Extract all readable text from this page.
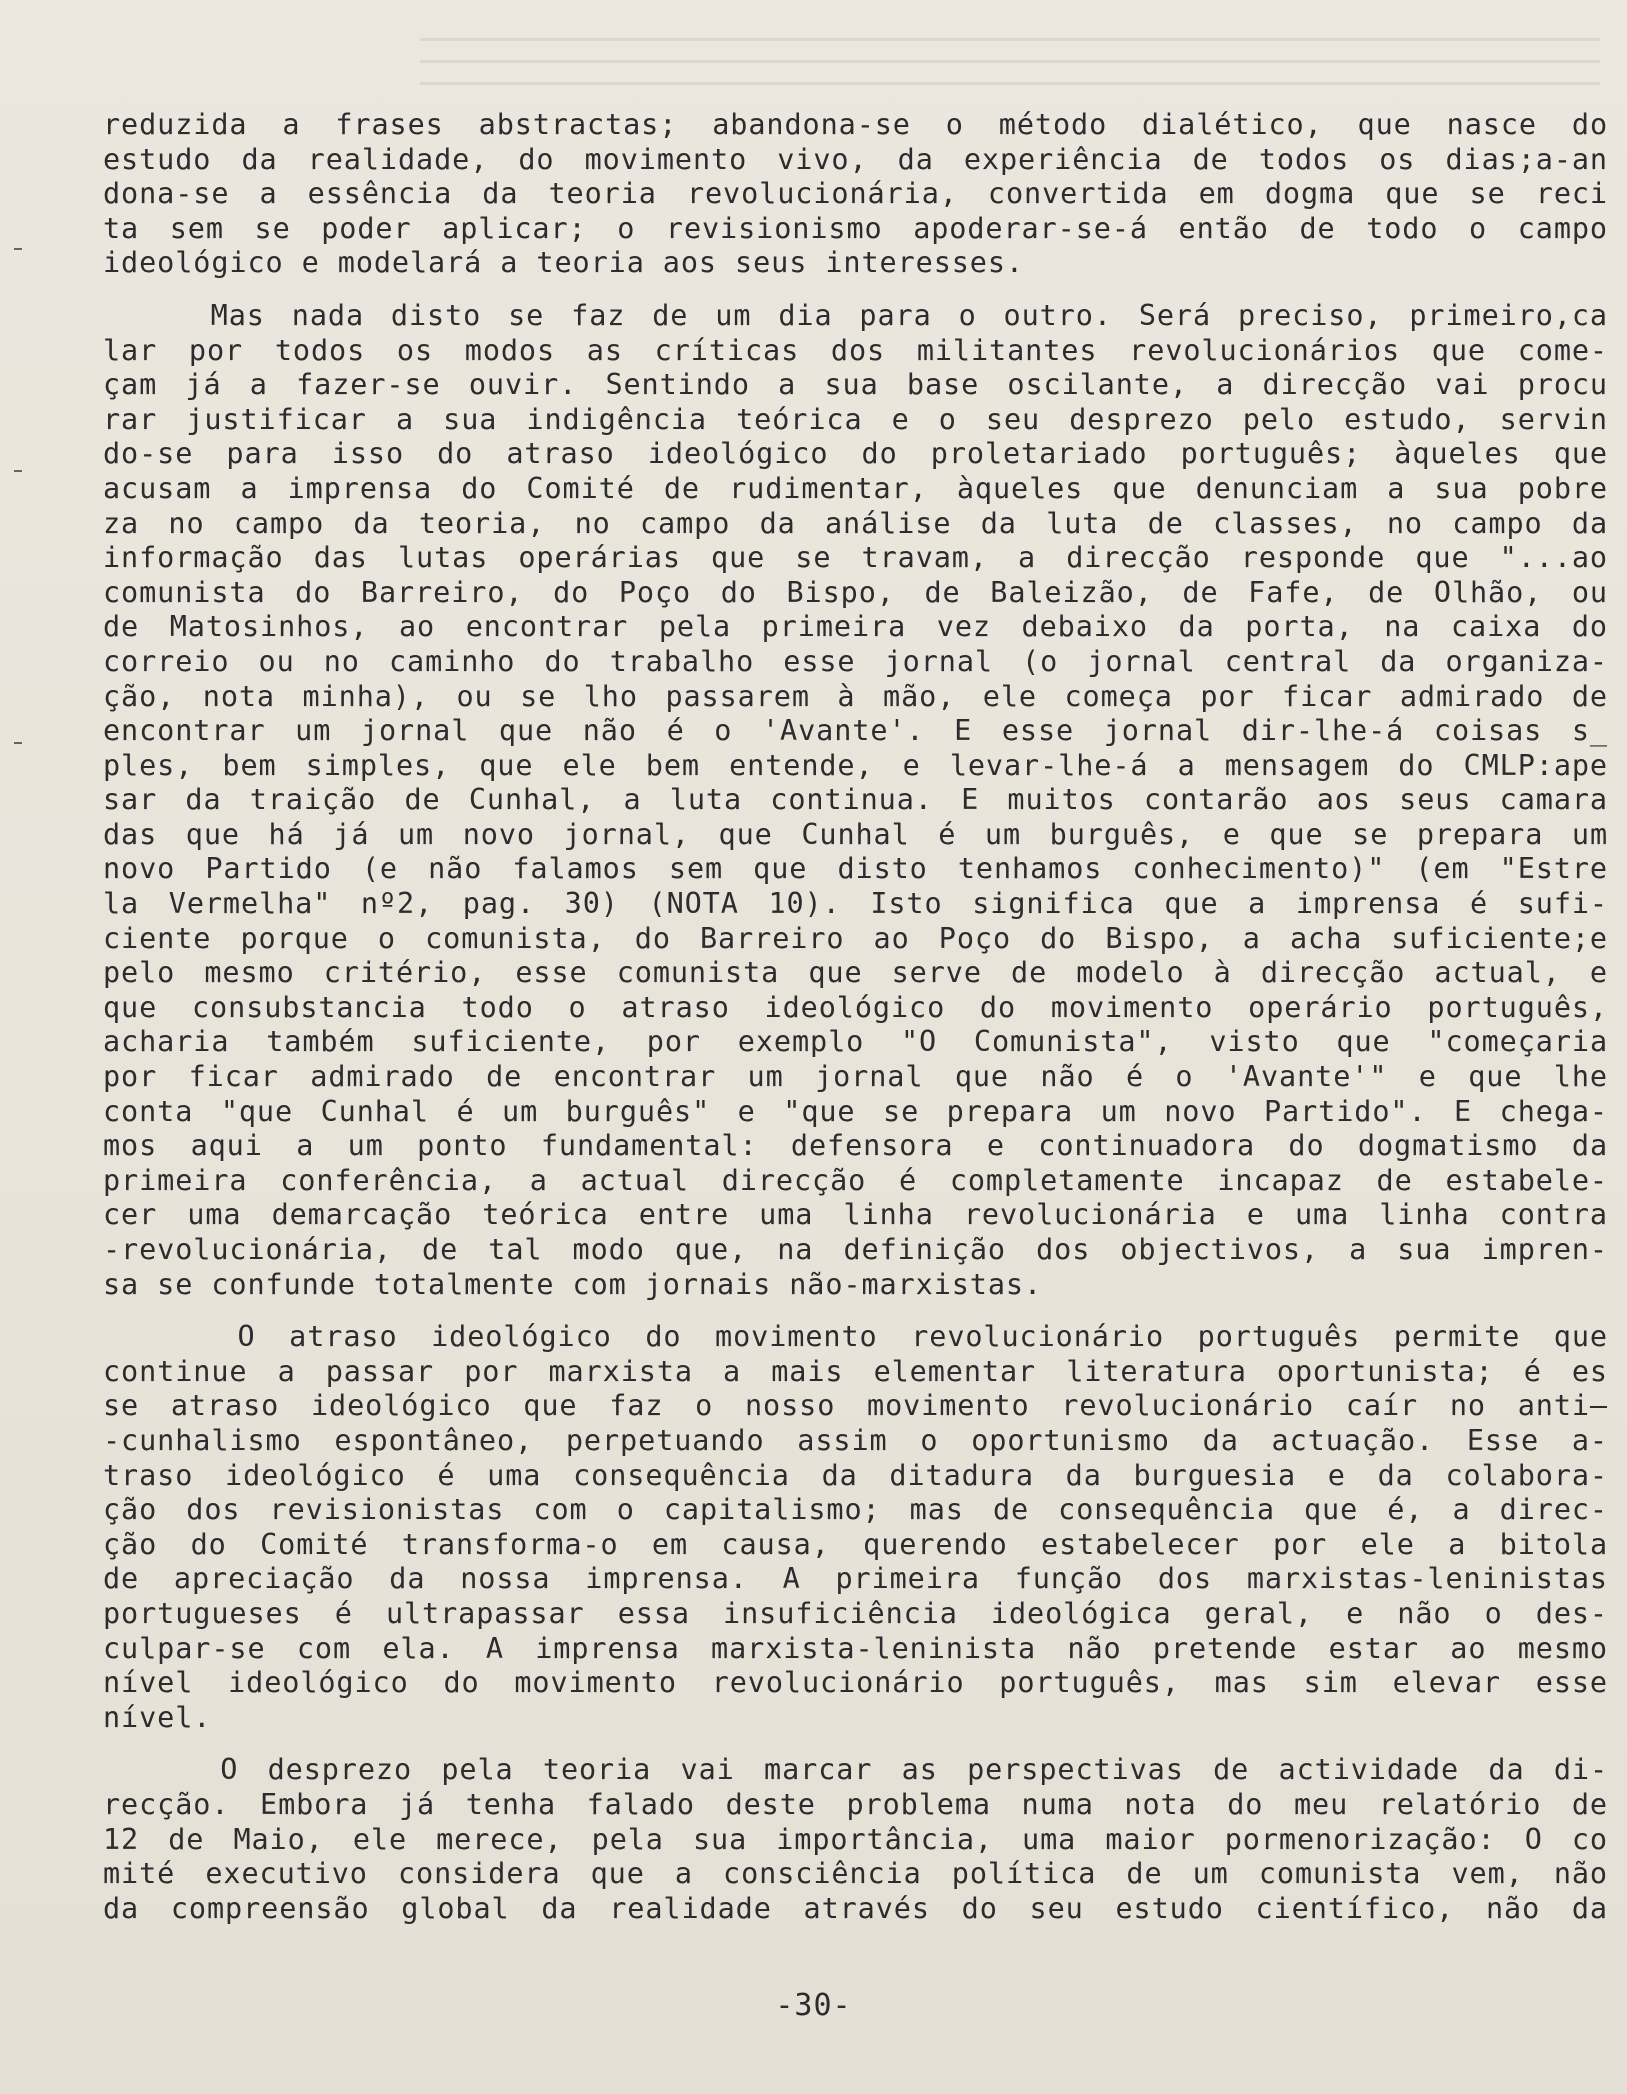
reduzida a frases abstractas; abandona-se o método dialético, que nasce do
estudo da realidade, do movimento vivo, da experiência de todos os dias;a-an
dona-se a essência da teoria revolucionária, convertida em dogma que se reci
ta sem se poder aplicar; o revisionismo apoderar-se-á então de todo o campo
ideológico e modelará a teoria aos seus interesses.
Mas nada disto se faz de um dia para o outro. Será preciso, primeiro,ca
lar por todos os modos as críticas dos militantes revolucionários que come-
çam já a fazer-se ouvir. Sentindo a sua base oscilante, a direcção vai procu
rar justificar a sua indigência teórica e o seu desprezo pelo estudo, servin
do-se para isso do atraso ideológico do proletariado português; àqueles que
acusam a imprensa do Comité de rudimentar, àqueles que denunciam a sua pobre
za no campo da teoria, no campo da análise da luta de classes, no campo da
informação das lutas operárias que se travam, a direcção responde que "...ao
comunista do Barreiro, do Poço do Bispo, de Baleizão, de Fafe, de Olhão, ou
de Matosinhos, ao encontrar pela primeira vez debaixo da porta, na caixa do
correio ou no caminho do trabalho esse jornal (o jornal central da organiza-
ção, nota minha), ou se lho passarem à mão, ele começa por ficar admirado de
encontrar um jornal que não é o 'Avante'. E esse jornal dir-lhe-á coisas s_
ples, bem simples, que ele bem entende, e levar-lhe-á a mensagem do CMLP:ape
sar da traição de Cunhal, a luta continua. E muitos contarão aos seus camara
das que há já um novo jornal, que Cunhal é um burguês, e que se prepara um
novo Partido (e não falamos sem que disto tenhamos conhecimento)" (em "Estre
la Vermelha" nº2, pag. 30) (NOTA 10). Isto significa que a imprensa é sufi-
ciente porque o comunista, do Barreiro ao Poço do Bispo, a acha suficiente;e
pelo mesmo critério, esse comunista que serve de modelo à direcção actual, e
que consubstancia todo o atraso ideológico do movimento operário português,
acharia também suficiente, por exemplo "O Comunista", visto que "começaria
por ficar admirado de encontrar um jornal que não é o 'Avante'" e que lhe
conta "que Cunhal é um burguês" e "que se prepara um novo Partido". E chega-
mos aqui a um ponto fundamental: defensora e continuadora do dogmatismo da
primeira conferência, a actual direcção é completamente incapaz de estabele-
cer uma demarcação teórica entre uma linha revolucionária e uma linha contra
-revolucionária, de tal modo que, na definição dos objectivos, a sua impren-
sa se confunde totalmente com jornais não-marxistas.
O atraso ideológico do movimento revolucionário português permite que
continue a passar por marxista a mais elementar literatura oportunista; é es
se atraso ideológico que faz o nosso movimento revolucionário caír no anti—
-cunhalismo espontâneo, perpetuando assim o oportunismo da actuação. Esse a-
traso ideológico é uma consequência da ditadura da burguesia e da colabora-
ção dos revisionistas com o capitalismo; mas de consequência que é, a direc-
ção do Comité transforma-o em causa, querendo estabelecer por ele a bitola
de apreciação da nossa imprensa. A primeira função dos marxistas-leninistas
portugueses é ultrapassar essa insuficiência ideológica geral, e não o des-
culpar-se com ela. A imprensa marxista-leninista não pretende estar ao mesmo
nível ideológico do movimento revolucionário português, mas sim elevar esse
nível.
O desprezo pela teoria vai marcar as perspectivas de actividade da di-
recção. Embora já tenha falado deste problema numa nota do meu relatório de
12 de Maio, ele merece, pela sua importância, uma maior pormenorização: O co
mité executivo considera que a consciência política de um comunista vem, não
da compreensão global da realidade através do seu estudo científico, não da
-30-
